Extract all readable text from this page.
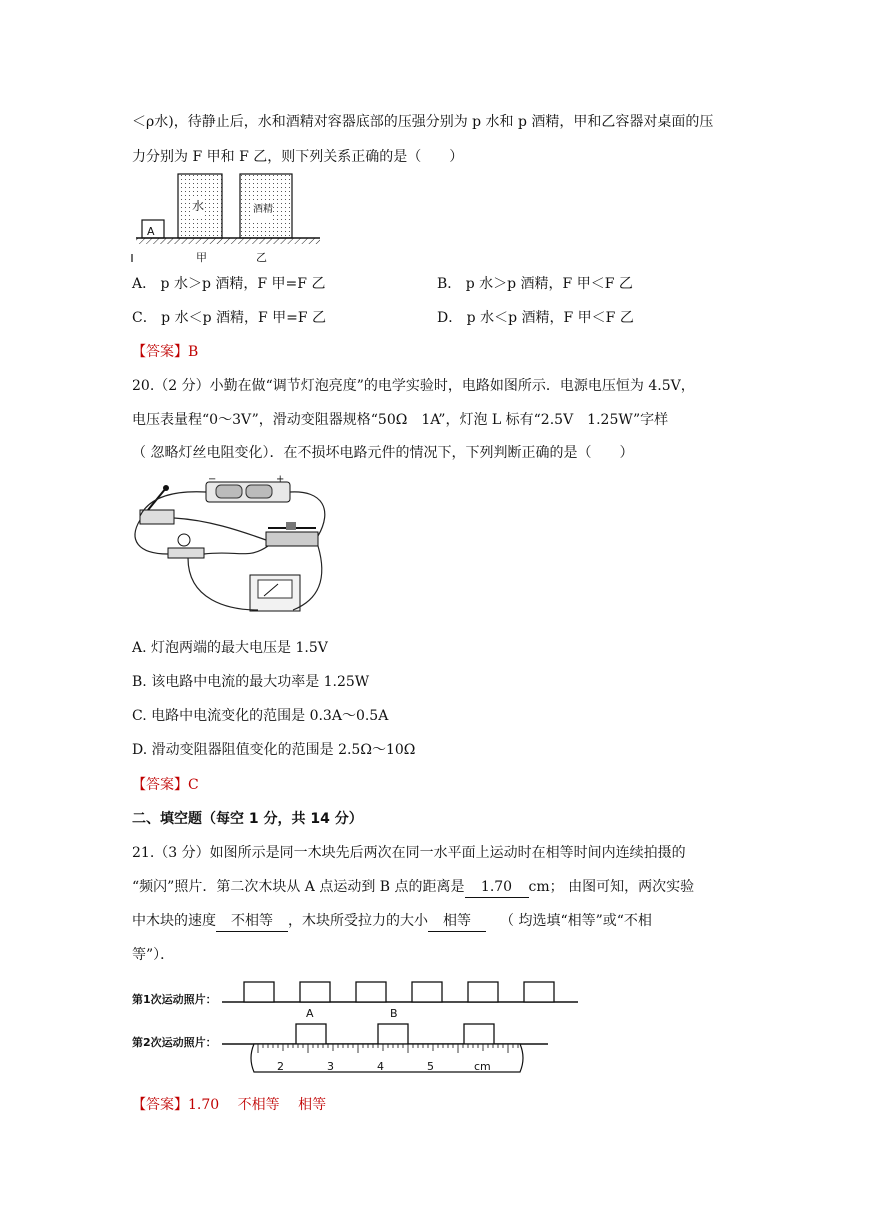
＜ρ水)，待静止后，水和酒精对容器底部的压强分别为 p 水和 p 酒精，甲和乙容器对桌面的压
力分别为 F 甲和 F 乙，则下列关系正确的是（　　）
A
水	酒精
甲	乙
A． p 水＞p 酒精，F 甲=F 乙	B． p 水＞p 酒精，F 甲＜F 乙
C． p 水＜p 酒精，F 甲=F 乙	D． p 水＜p 酒精，F 甲＜F 乙
【答案】B
20.（2 分）小勤在做“调节灯泡亮度”的电学实验时，电路如图所示．电源电压恒为 4.5V，
电压表量程“0～3V”，滑动变阻器规格“50Ω　1A”，灯泡 L 标有“2.5V　1.25W”字样
（ 忽略灯丝电阻变化）．在不损坏电路元件的情况下，下列判断正确的是（　　）
−	+
A. 灯泡两端的最大电压是 1.5V
B. 该电路中电流的最大功率是 1.25W
C. 电路中电流变化的范围是 0.3A～0.5A
D. 滑动变阻器阻值变化的范围是 2.5Ω～10Ω
【答案】C
二、填空题（每空 1 分，共 14 分）
21.（3 分）如图所示是同一木块先后两次在同一水平面上运动时在相等时间内连续拍摄的
“频闪”照片．第二次木块从 A 点运动到 B 点的距离是 1.70 cm； 由图可知，两次实验
中木块的速度 不相等 ，木块所受拉力的大小 相等 （ 均选填“相等”或“不相
等”）．
第1次运动照片：
第2次运动照片：
A	B
2	3	4	5	cm
【答案】1.70　 不相等　 相等
